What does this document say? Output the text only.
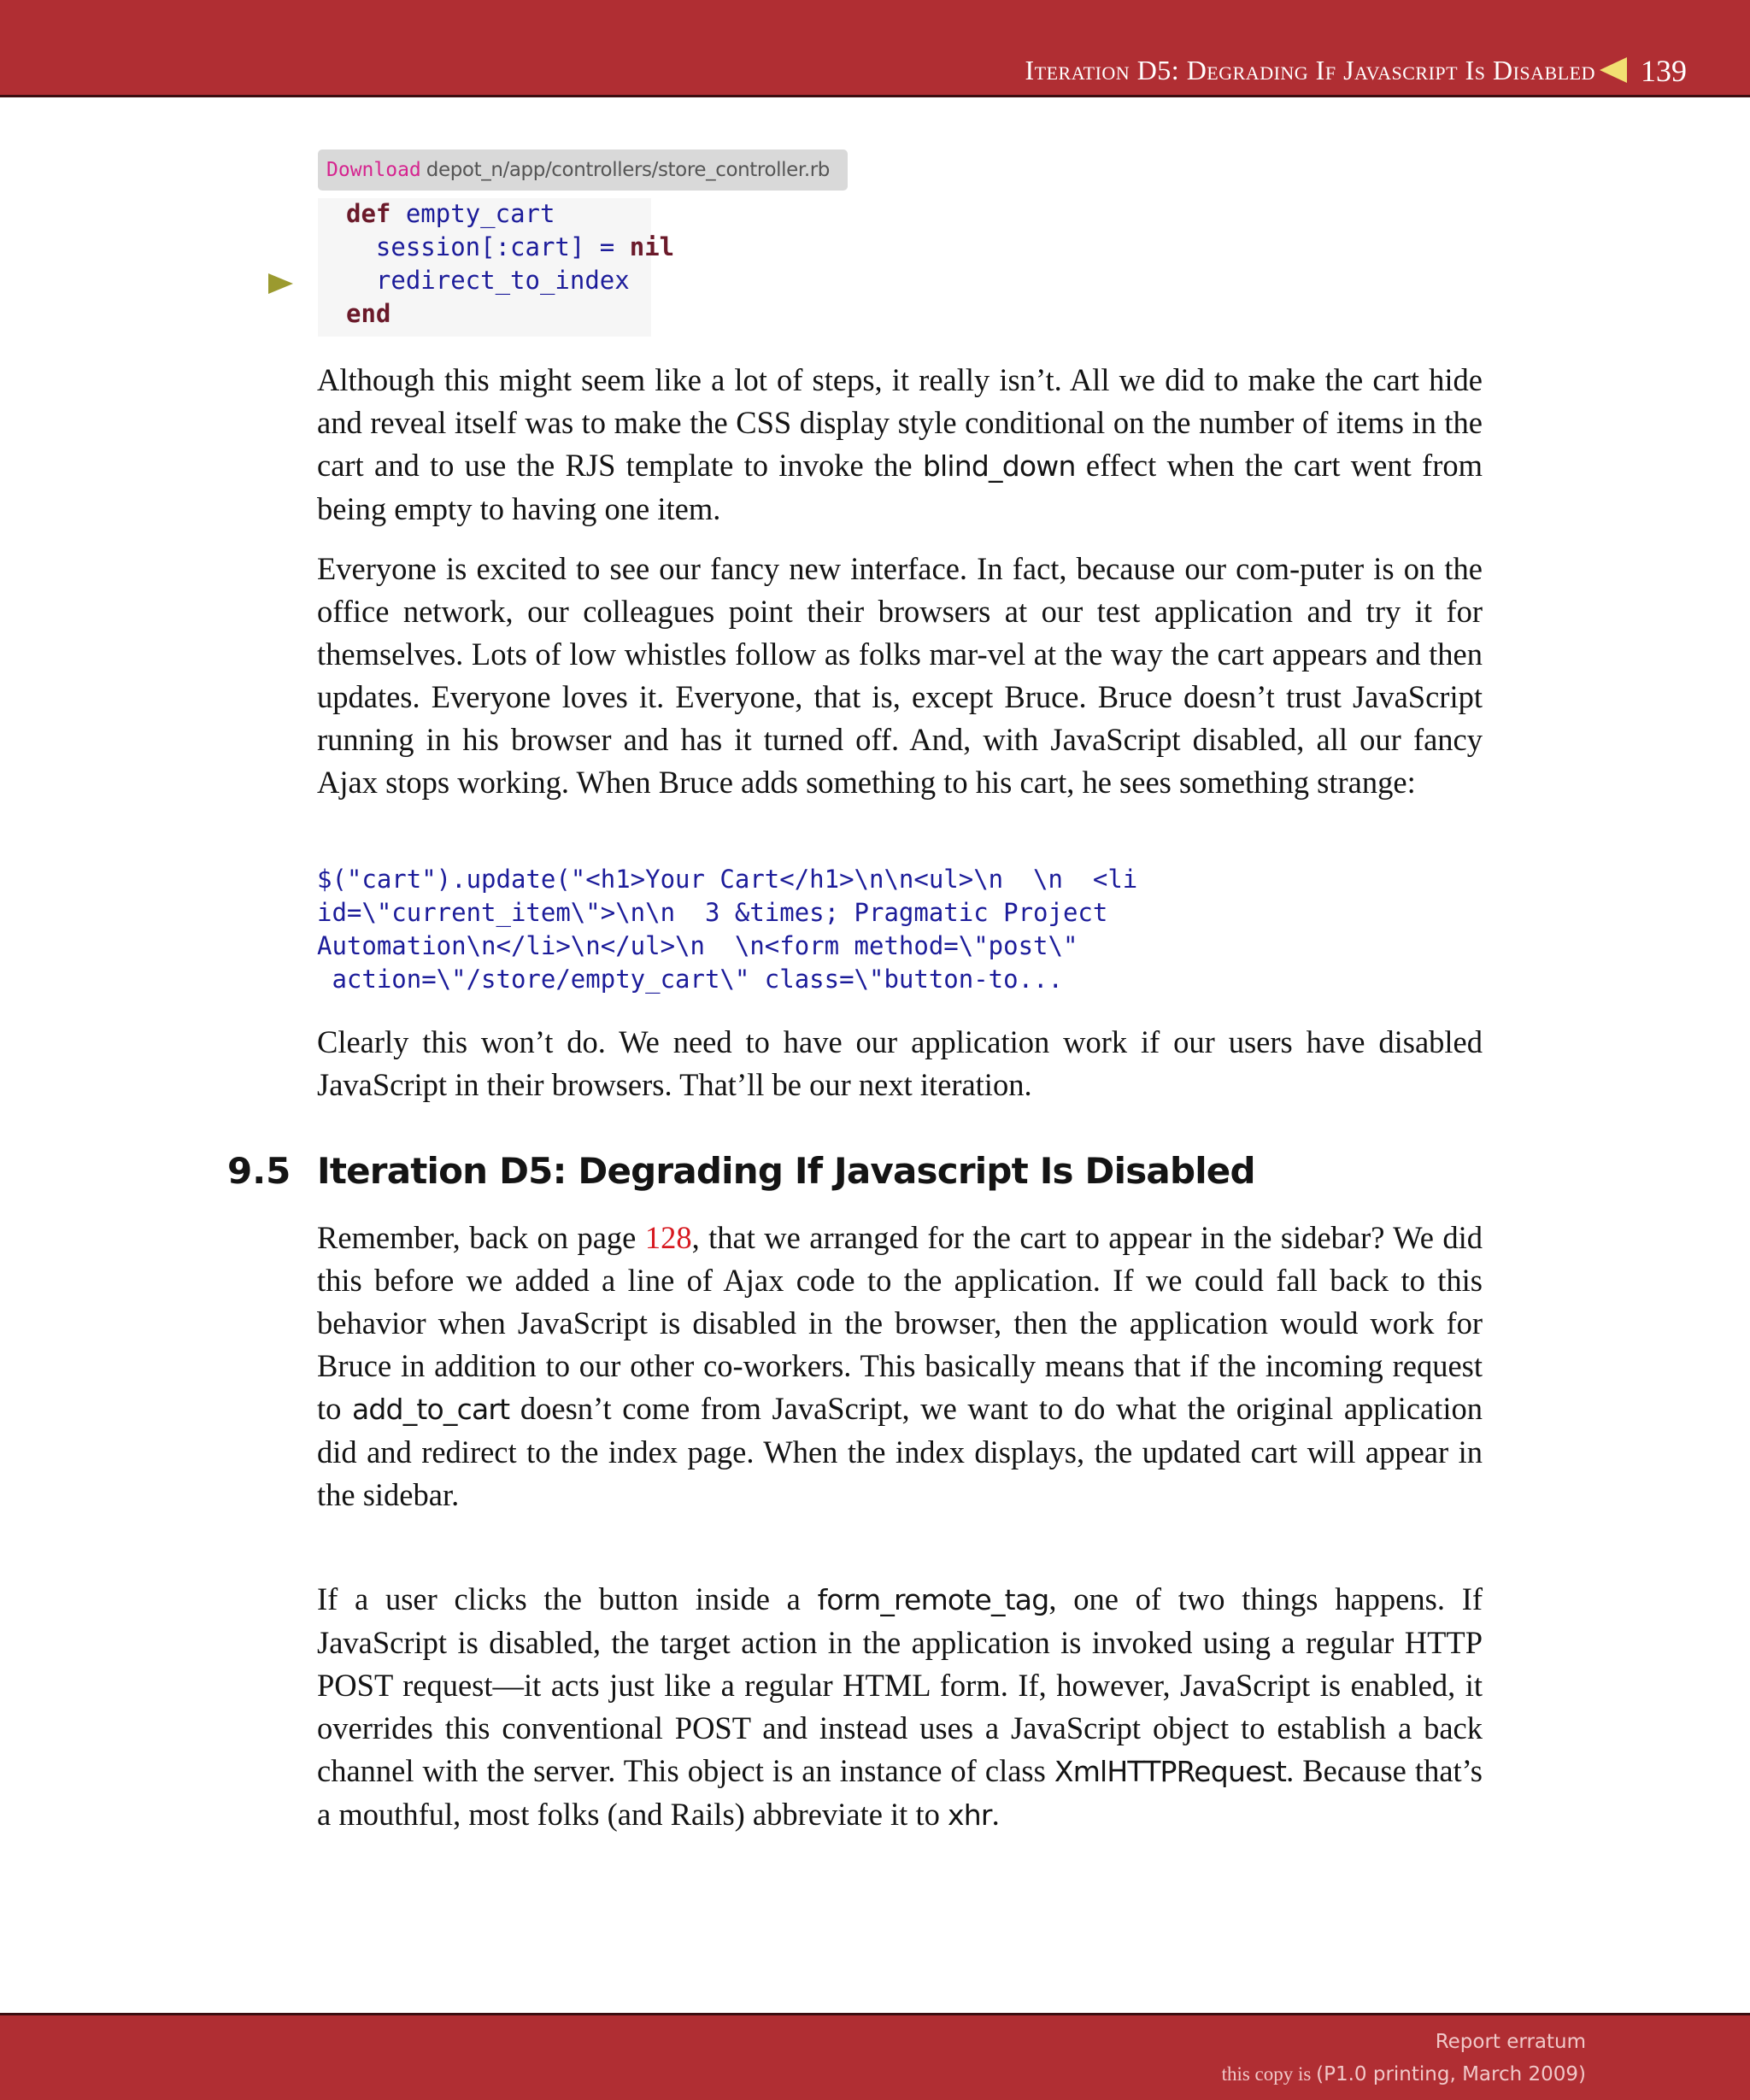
Iteration D5: Degrading If Javascript Is Disabled 139
Download depot_n/app/controllers/store_controller.rb
def empty_cart
session[:cart] = nil
redirect_to_index
end

Although this might seem like a lot of steps, it really isn’t. All we did to make the cart hide and reveal itself was to make the CSS display style conditional on the number of items in the cart and to use the RJS template to invoke the blind_down effect when the cart went from being empty to having one item.

Everyone is excited to see our fancy new interface. In fact, because our com-puter is on the office network, our colleagues point their browsers at our test application and try it for themselves. Lots of low whistles follow as folks mar-vel at the way the cart appears and then updates. Everyone loves it. Everyone, that is, except Bruce. Bruce doesn’t trust JavaScript running in his browser and has it turned off. And, with JavaScript disabled, all our fancy Ajax stops working. When Bruce adds something to his cart, he sees something strange:

$("cart").update("<h1>Your Cart</h1>\n\n<ul>\n  \n  <li
id=\"current_item\">\n\n  3 &times; Pragmatic Project
Automation\n</li>\n</ul>\n  \n<form method=\"post\"
action=\"/store/empty_cart\" class=\"button-to...

Clearly this won’t do. We need to have our application work if our users have disabled JavaScript in their browsers. That’ll be our next iteration.

9.5 Iteration D5: Degrading If Javascript Is Disabled

Remember, back on page 128, that we arranged for the cart to appear in the sidebar? We did this before we added a line of Ajax code to the application. If we could fall back to this behavior when JavaScript is disabled in the browser, then the application would work for Bruce in addition to our other co-workers. This basically means that if the incoming request to add_to_cart doesn’t come from JavaScript, we want to do what the original application did and redirect to the index page. When the index displays, the updated cart will appear in the sidebar.

If a user clicks the button inside a form_remote_tag, one of two things happens. If JavaScript is disabled, the target action in the application is invoked using a regular HTTP POST request—it acts just like a regular HTML form. If, however, JavaScript is enabled, it overrides this conventional POST and instead uses a JavaScript object to establish a back channel with the server. This object is an instance of class XmlHTTPRequest. Because that’s a mouthful, most folks (and Rails) abbreviate it to xhr.

Report erratum
this copy is (P1.0 printing, March 2009)
